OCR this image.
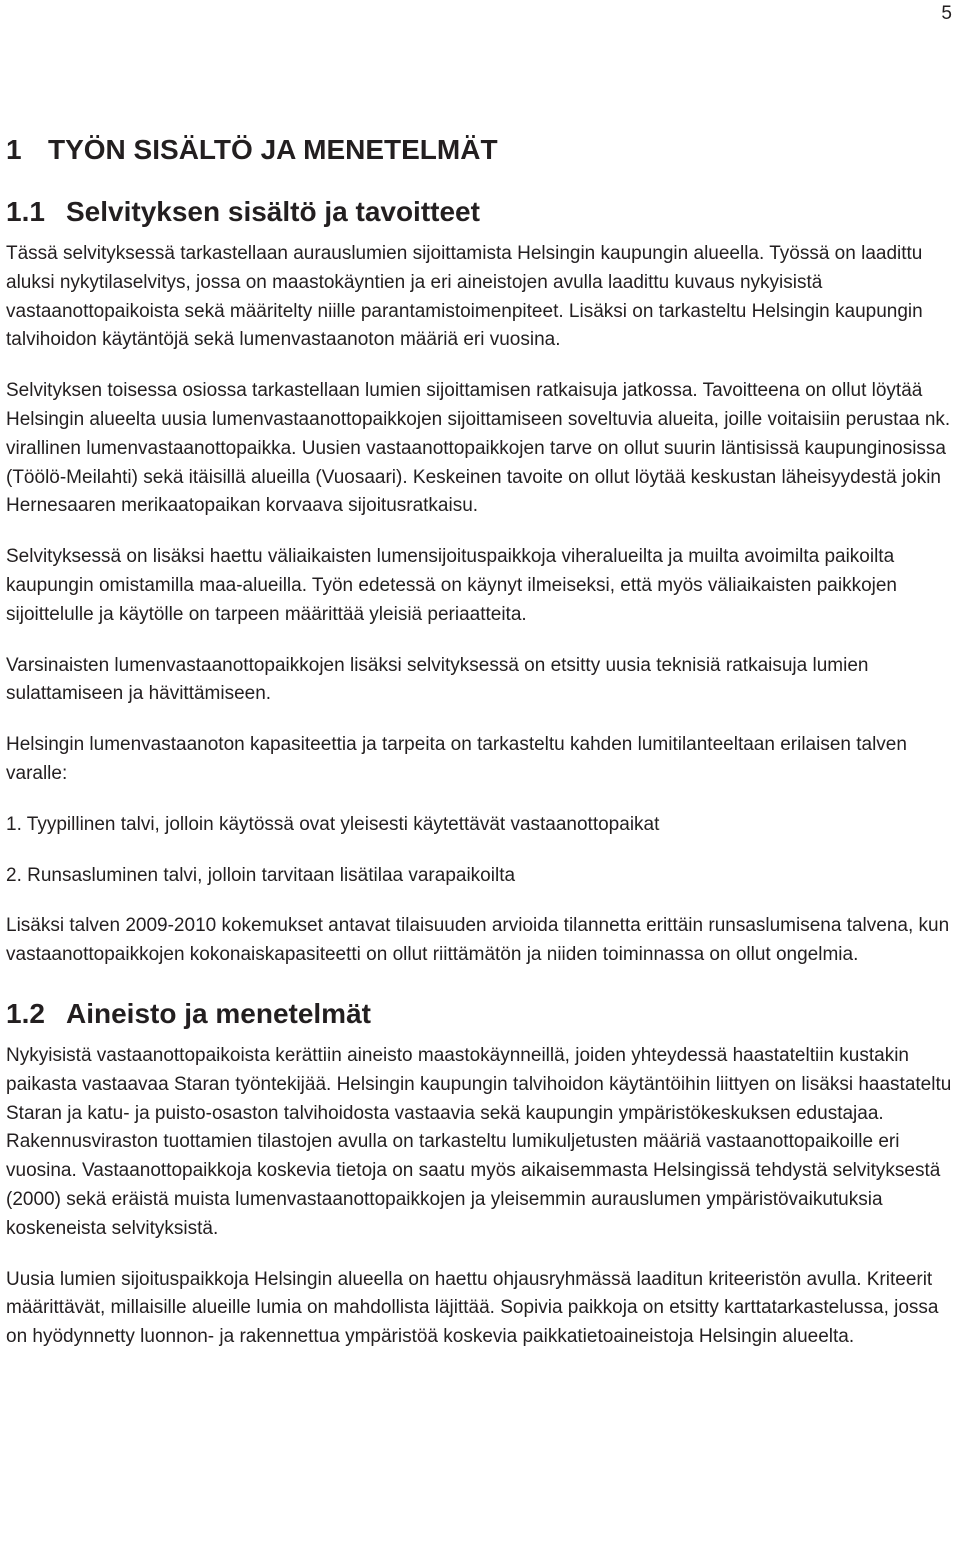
5
1 TYÖN SISÄLTÖ JA MENETELMÄT
1.1 Selvityksen sisältö ja tavoitteet

Tässä selvityksessä tarkastellaan aurauslumien sijoittamista Helsingin kaupungin alueella. Työssä on laadittu aluksi nykytilaselvitys, jossa on maastokäyntien ja eri aineistojen avulla laadittu kuvaus nykyisistä vastaanottopaikoista sekä määritelty niille parantamistoimenpiteet. Lisäksi on tarkasteltu Helsingin kaupungin talvihoidon käytäntöjä sekä lumenvastaanoton määriä eri vuosina.

Selvityksen toisessa osiossa tarkastellaan lumien sijoittamisen ratkaisuja jatkossa. Tavoitteena on ollut löytää Helsingin alueelta uusia lumenvastaanottopaikkojen sijoittamiseen soveltuvia alueita, joille voitaisiin perustaa nk. virallinen lumenvastaanottopaikka. Uusien vastaanottopaikkojen tarve on ollut suurin läntisissä kaupunginosissa (Töölö-Meilahti) sekä itäisillä alueilla (Vuosaari). Keskeinen tavoite on ollut löytää keskustan läheisyydestä jokin Hernesaaren merikaatopaikan korvaava sijoitusratkaisu.

Selvityksessä on lisäksi haettu väliaikaisten lumensijoituspaikkoja viheralueilta ja muilta avoimilta paikoilta kaupungin omistamilla maa-alueilla. Työn edetessä on käynyt ilmeiseksi, että myös väliaikaisten paikkojen sijoittelulle ja käytölle on tarpeen määrittää yleisiä periaatteita.

Varsinaisten lumenvastaanottopaikkojen lisäksi selvityksessä on etsitty uusia teknisiä ratkaisuja lumien sulattamiseen ja hävittämiseen.

Helsingin lumenvastaanoton kapasiteettia ja tarpeita on tarkasteltu kahden lumitilanteeltaan erilaisen talven varalle:

1. Tyypillinen talvi, jolloin käytössä ovat yleisesti käytettävät vastaanottopaikat

2. Runsasluminen talvi, jolloin tarvitaan lisätilaa varapaikoilta

Lisäksi talven 2009-2010 kokemukset antavat tilaisuuden arvioida tilannetta erittäin runsaslumisena talvena, kun vastaanottopaikkojen kokonaiskapasiteetti on ollut riittämätön ja niiden toiminnassa on ollut ongelmia.

1.2 Aineisto ja menetelmät

Nykyisistä vastaanottopaikoista kerättiin aineisto maastokäynneillä, joiden yhteydessä haastateltiin kustakin paikasta vastaavaa Staran työntekijää. Helsingin kaupungin talvihoidon käytäntöihin liittyen on lisäksi haastateltu Staran ja katu- ja puisto-osaston talvihoidosta vastaavia sekä kaupungin ympäristökeskuksen edustajaa. Rakennusviraston tuottamien tilastojen avulla on tarkasteltu lumikuljetusten määriä vastaanottopaikoille eri vuosina. Vastaanottopaikkoja koskevia tietoja on saatu myös aikaisemmasta Helsingissä tehdystä selvityksestä (2000) sekä eräistä muista lumenvastaanottopaikkojen ja yleisemmin aurauslumen ympäristövaikutuksia koskeneista selvityksistä.

Uusia lumien sijoituspaikkoja Helsingin alueella on haettu ohjausryhmässä laaditun kriteeristön avulla. Kriteerit määrittävät, millaisille alueille lumia on mahdollista läjittää. Sopivia paikkoja on etsitty karttatarkastelussa, jossa on hyödynnetty luonnon- ja rakennettua ympäristöä koskevia paikkatietoaineistoja Helsingin alueelta.
